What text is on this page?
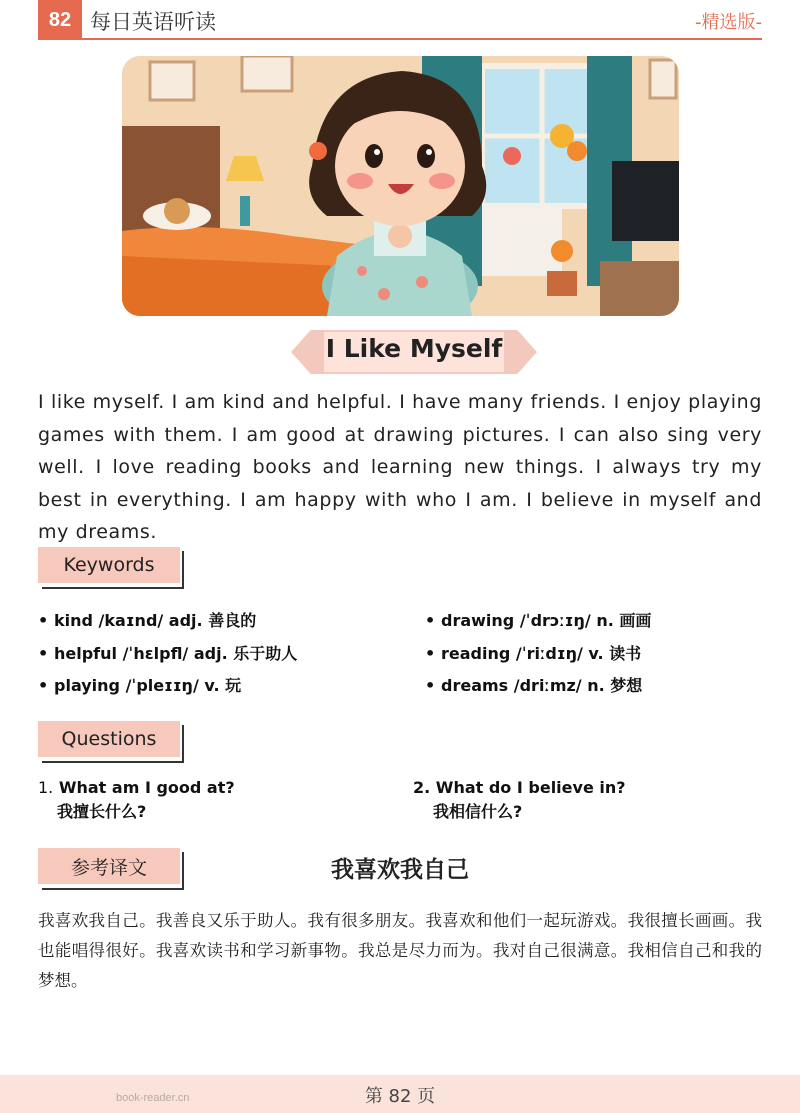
82 每日英语听读	-精选版-
I Like Myself
I like myself. I am kind and helpful. I have many friends. I enjoy playing games with them. I am good at drawing pictures. I can also sing very well. I love reading books and learning new things. I always try my best in everything. I am happy with who I am. I believe in myself and my dreams.
Keywords
• kind /kaɪnd/ adj. 善良的
• helpful /ˈhɛlpfl/ adj. 乐于助人
• playing /ˈpleɪɪŋ/ v. 玩
• drawing /ˈdrɔːɪŋ/ n. 画画
• reading /ˈriːdɪŋ/ v. 读书
• dreams /driːmz/ n. 梦想
Questions
1. What am I good at?
我擅长什么?
2. What do I believe in?
我相信什么?
参考译文	我喜欢我自己
我喜欢我自己。我善良又乐于助人。我有很多朋友。我喜欢和他们一起玩游戏。我很擅长画画。我也能唱得很好。我喜欢读书和学习新事物。我总是尽力而为。我对自己很满意。我相信自己和我的梦想。
第 82 页
book-reader.cn
